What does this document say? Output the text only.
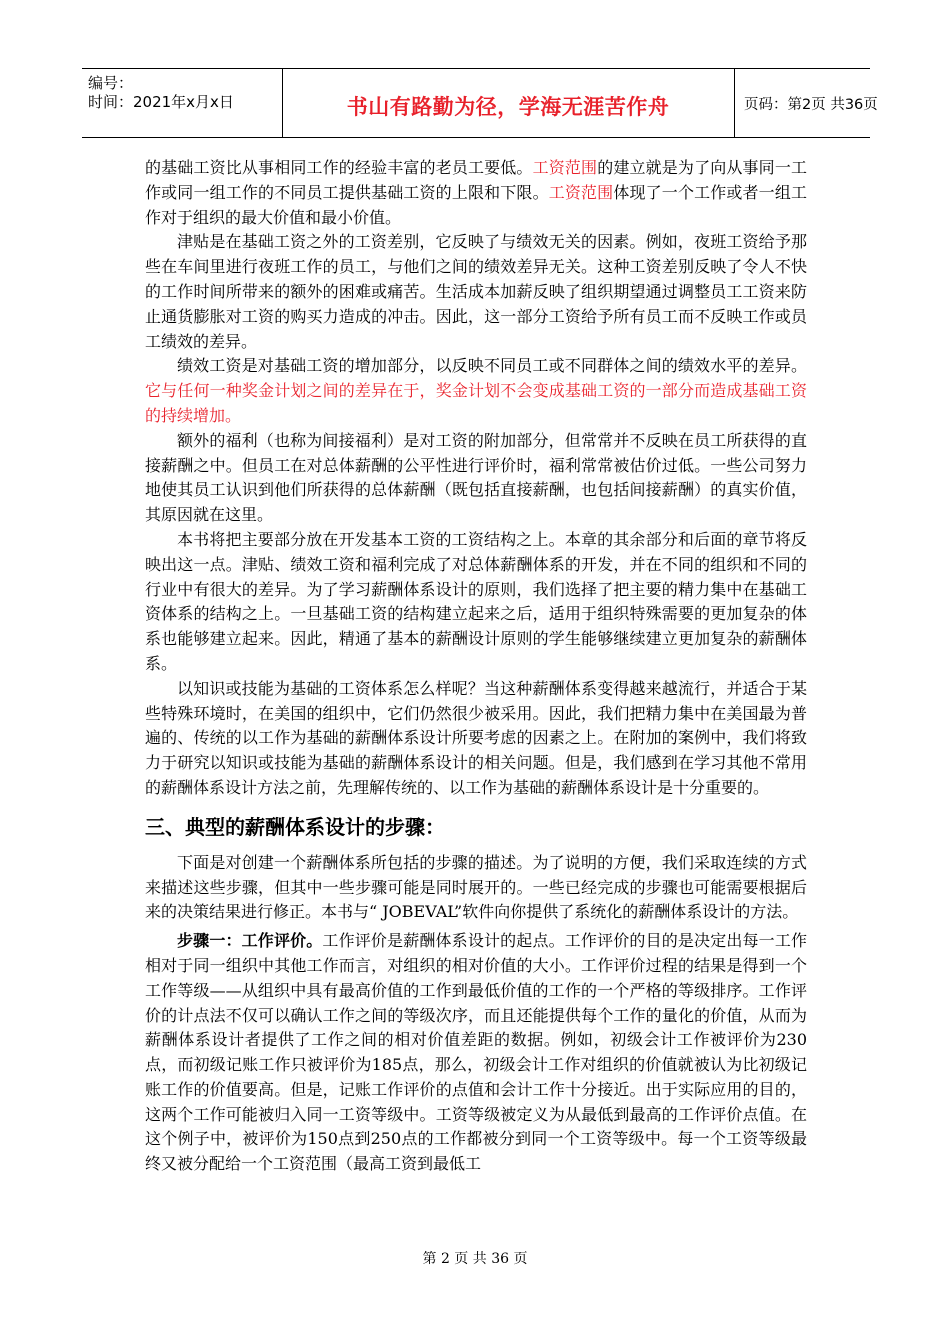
编号：
时间：2021年x月x日	书山有路勤为径，学海无涯苦作舟	页码：第2页 共36页

的基础工资比从事相同工作的经验丰富的老员工要低。工资范围的建立就是为了向从事同一工作或同一组工作的不同员工提供基础工资的上限和下限。工资范围体现了一个工作或者一组工作对于组织的最大价值和最小价值。

津贴是在基础工资之外的工资差别，它反映了与绩效无关的因素。例如，夜班工资给予那些在车间里进行夜班工作的员工，与他们之间的绩效差异无关。这种工资差别反映了令人不快的工作时间所带来的额外的困难或痛苦。生活成本加薪反映了组织期望通过调整员工工资来防止通货膨胀对工资的购买力造成的冲击。因此，这一部分工资给予所有员工而不反映工作或员工绩效的差异。

绩效工资是对基础工资的增加部分，以反映不同员工或不同群体之间的绩效水平的差异。它与任何一种奖金计划之间的差异在于，奖金计划不会变成基础工资的一部分而造成基础工资的持续增加。

额外的福利（也称为间接福利）是对工资的附加部分，但常常并不反映在员工所获得的直接薪酬之中。但员工在对总体薪酬的公平性进行评价时，福利常常被估价过低。一些公司努力地使其员工认识到他们所获得的总体薪酬（既包括直接薪酬，也包括间接薪酬）的真实价值，其原因就在这里。

本书将把主要部分放在开发基本工资的工资结构之上。本章的其余部分和后面的章节将反映出这一点。津贴、绩效工资和福利完成了对总体薪酬体系的开发，并在不同的组织和不同的行业中有很大的差异。为了学习薪酬体系设计的原则，我们选择了把主要的精力集中在基础工资体系的结构之上。一旦基础工资的结构建立起来之后，适用于组织特殊需要的更加复杂的体系也能够建立起来。因此，精通了基本的薪酬设计原则的学生能够继续建立更加复杂的薪酬体系。

以知识或技能为基础的工资体系怎么样呢？当这种薪酬体系变得越来越流行，并适合于某些特殊环境时，在美国的组织中，它们仍然很少被采用。因此，我们把精力集中在美国最为普遍的、传统的以工作为基础的薪酬体系设计所要考虑的因素之上。在附加的案例中，我们将致力于研究以知识或技能为基础的薪酬体系设计的相关问题。但是，我们感到在学习其他不常用的薪酬体系设计方法之前，先理解传统的、以工作为基础的薪酬体系设计是十分重要的。

三、典型的薪酬体系设计的步骤：

下面是对创建一个薪酬体系所包括的步骤的描述。为了说明的方便，我们采取连续的方式来描述这些步骤，但其中一些步骤可能是同时展开的。一些已经完成的步骤也可能需要根据后来的决策结果进行修正。本书与“ JOBEVAL”软件向你提供了系统化的薪酬体系设计的方法。

步骤一：工作评价。工作评价是薪酬体系设计的起点。工作评价的目的是决定出每一工作相对于同一组织中其他工作而言，对组织的相对价值的大小。工作评价过程的结果是得到一个工作等级——从组织中具有最高价值的工作到最低价值的工作的一个严格的等级排序。工作评价的计点法不仅可以确认工作之间的等级次序，而且还能提供每个工作的量化的价值，从而为薪酬体系设计者提供了工作之间的相对价值差距的数据。例如，初级会计工作被评价为230点，而初级记账工作只被评价为185点，那么，初级会计工作对组织的价值就被认为比初级记账工作的价值要高。但是，记账工作评价的点值和会计工作十分接近。出于实际应用的目的，这两个工作可能被归入同一工资等级中。工资等级被定义为从最低到最高的工作评价点值。在这个例子中，被评价为150点到250点的工作都被分到同一个工资等级中。每一个工资等级最终又被分配给一个工资范围（最高工资到最低工

第 2 页 共 36 页
